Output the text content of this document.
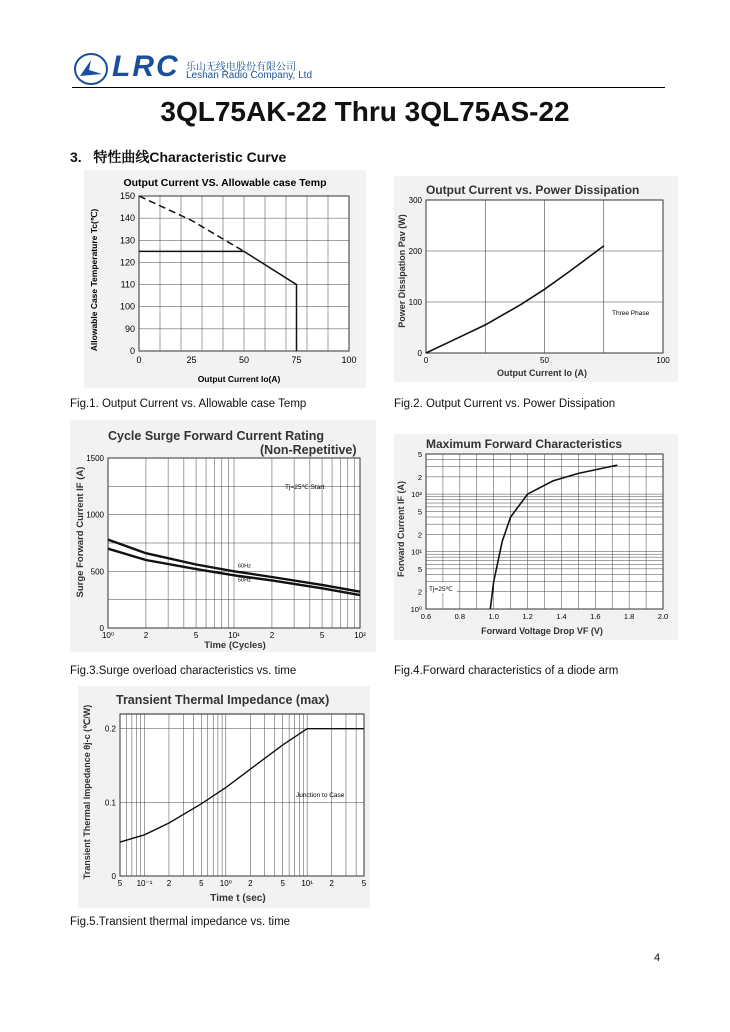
LRC 乐山无线电股份有限公司
Leshan Radio Company, Ltd
3QL75AK-22 Thru 3QL75AS-22
3. 特性曲线Characteristic Curve
Output Current VS. Allowable case Temp
0	25	50	75	100
0
90
100
110
120
130
140
150
Output Current Io(A)
Allowable Case Temperature Tc(℃)
Output Current vs. Power Dissipation
0	50	100
0
100
200
300
Three Phase
Output Current Io (A)
Power Dissipation Pav (W)
Fig.1. Output Current vs. Allowable case Temp	Fig.2. Output Current vs. Power Dissipation
Cycle Surge Forward Current Rating
(Non-Repetitive)
10⁰	2	5	10¹	2	5	10²
0
500
1000
1500
60Hz
50Hz
Tj=25℃ Start
Time (Cycles)
Surge Forward Current IF (A)
Maximum Forward Characteristics
0.6	0.8	1.0	1.2	1.4	1.6	1.8	2.0
10⁰
2
5
10¹
2
5
10²
2
5
Tj=25℃
Forward Voltage Drop VF (V)
Forward Current IF (A)
Fig.3.Surge overload characteristics vs. time	Fig.4.Forward characteristics of a diode arm
Transient Thermal Impedance (max)
5 10⁻¹ 2	5 10⁰ 2	5 10¹ 2	5
0
0.1
0.2
Junction to Case
Time t (sec)
Transient Thermal Impedance θj-c (℃/W)
Fig.5.Transient thermal impedance vs. time
4
